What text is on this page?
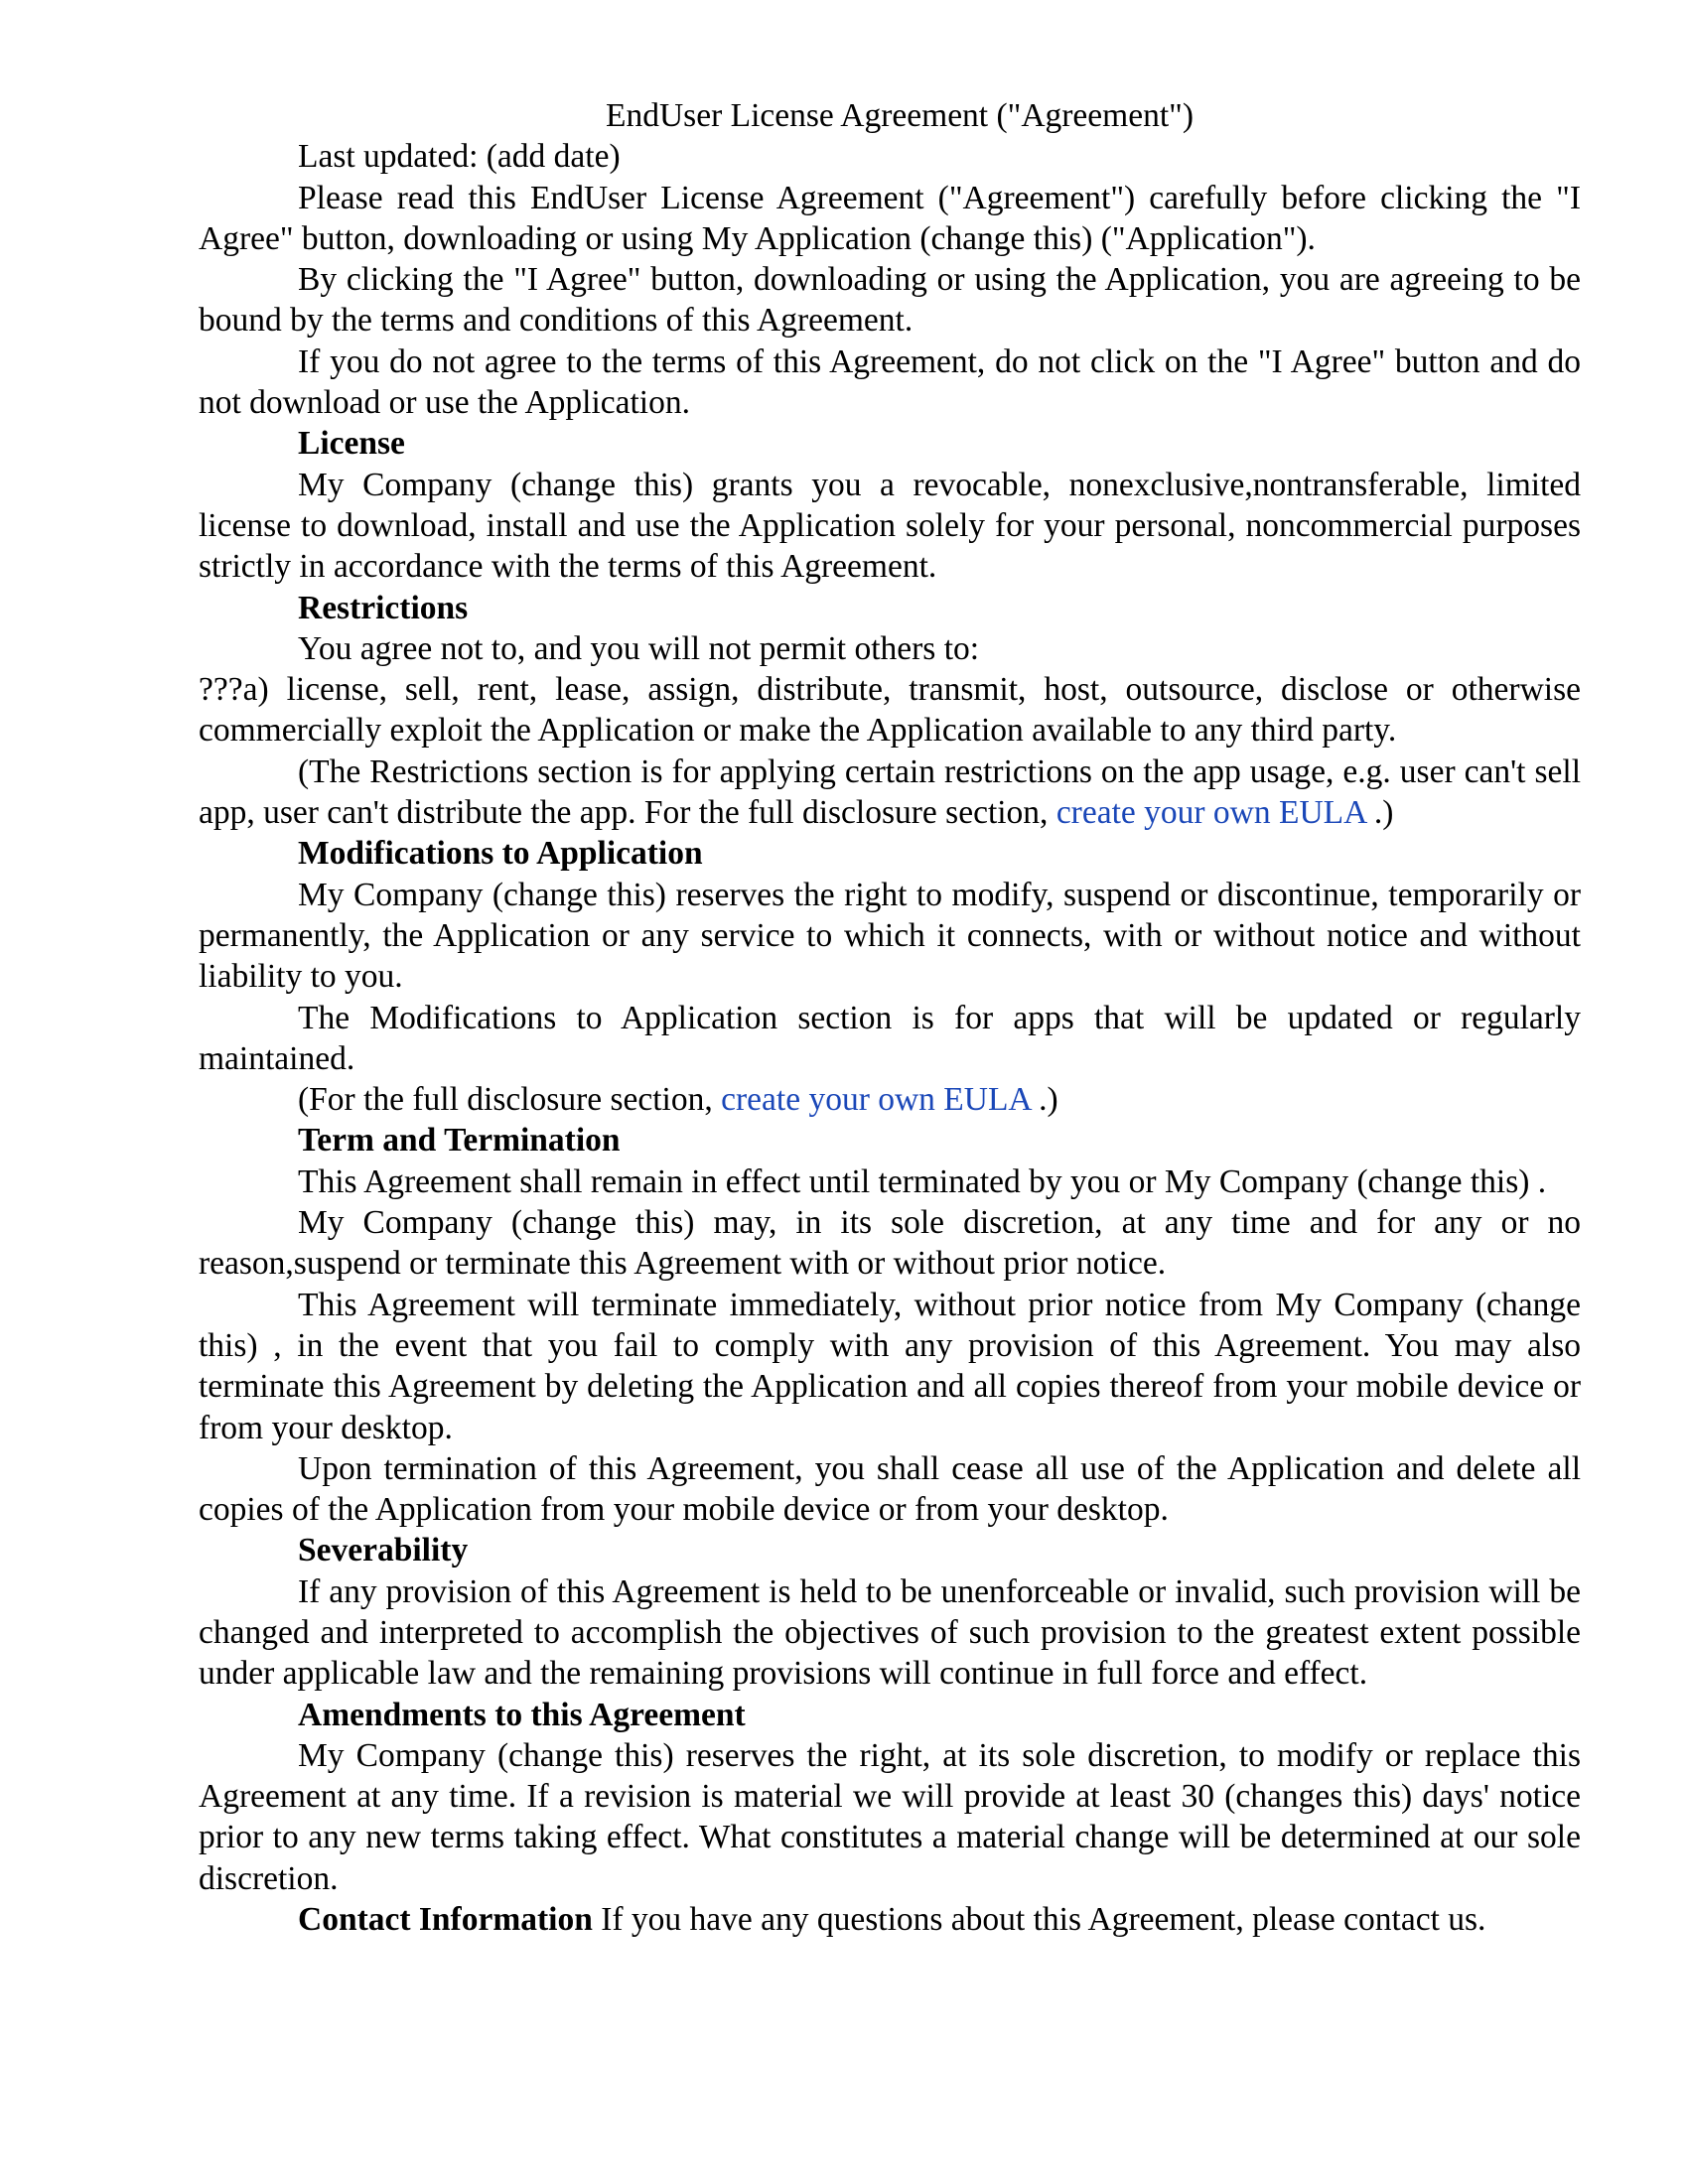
EndUser License Agreement ("Agreement")

Last updated: (add date)

Please read this EndUser License Agreement ("Agreement") carefully before clicking the "I Agree" button, downloading or using My Application (change this) ("Application").

By clicking the "I Agree" button, downloading or using the Application, you are agreeing to be bound by the terms and conditions of this Agreement.

If you do not agree to the terms of this Agreement, do not click on the "I Agree" button and do not download or use the Application.

License

My Company (change this) grants you a revocable, nonexclusive,nontransferable, limited license to download, install and use the Application solely for your personal, noncommercial purposes strictly in accordance with the terms of this Agreement.

Restrictions

You agree not to, and you will not permit others to:

???a) license, sell, rent, lease, assign, distribute, transmit, host, outsource, disclose or otherwise commercially exploit the Application or make the Application available to any third party.

(The Restrictions section is for applying certain restrictions on the app usage, e.g. user can't sell app, user can't distribute the app. For the full disclosure section, create your own EULA .)

Modifications to Application

My Company (change this) reserves the right to modify, suspend or discontinue, temporarily or permanently, the Application or any service to which it connects, with or without notice and without liability to you.

The Modifications to Application section is for apps that will be updated or regularly maintained.

(For the full disclosure section, create your own EULA .)

Term and Termination

This Agreement shall remain in effect until terminated by you or My Company (change this) .

My Company (change this) may, in its sole discretion, at any time and for any or no reason,suspend or terminate this Agreement with or without prior notice.

This Agreement will terminate immediately, without prior notice from My Company (change this) , in the event that you fail to comply with any provision of this Agreement. You may also terminate this Agreement by deleting the Application and all copies thereof from your mobile device or from your desktop.

Upon termination of this Agreement, you shall cease all use of the Application and delete all copies of the Application from your mobile device or from your desktop.

Severability

If any provision of this Agreement is held to be unenforceable or invalid, such provision will be changed and interpreted to accomplish the objectives of such provision to the greatest extent possible under applicable law and the remaining provisions will continue in full force and effect.

Amendments to this Agreement

My Company (change this) reserves the right, at its sole discretion, to modify or replace this Agreement at any time. If a revision is material we will provide at least 30 (changes this) days' notice prior to any new terms taking effect. What constitutes a material change will be determined at our sole discretion.

Contact Information If you have any questions about this Agreement, please contact us.
